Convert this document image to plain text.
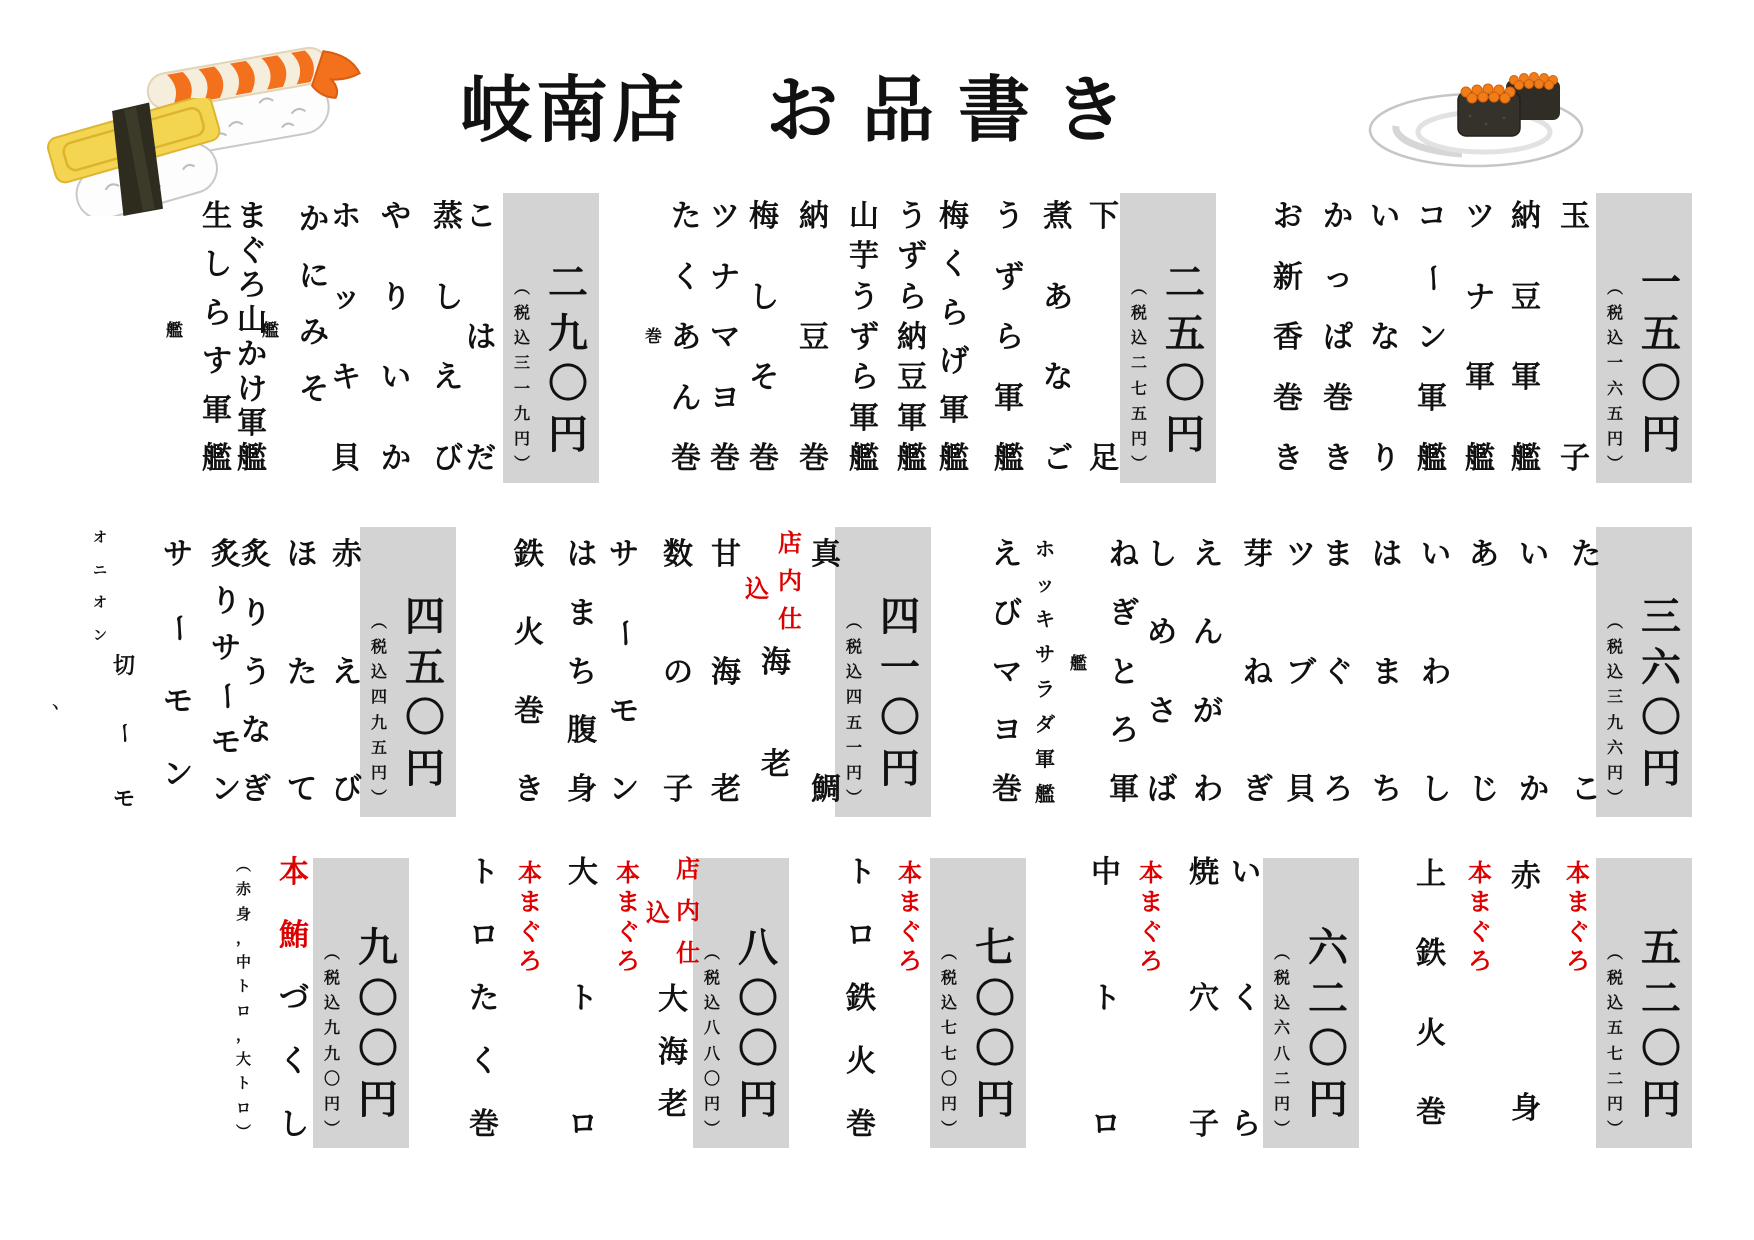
岐南店 お品書き
︵
税
込
一
六
五
円
︶
一
五
〇
円
玉
子
納
豆
軍
艦
ツ
ナ
軍
艦
コ
ー
ン
軍
艦
い
な
り
か
っ
ぱ
巻
き
お
新
香
巻
き
︵
税
込
二
七
五
円
︶
二
五
〇
円
下
足
煮
あ
な
ご
う
ず
ら
軍
艦
梅
く
ら
げ
軍
艦
う
ず
ら
納
豆
軍
艦
山
芋
う
ず
ら
軍
艦
納
豆
巻
梅
し
そ
巻
ツ
ナ
マ
ヨ
巻
た
く
あ
ん
巻
︵
税
込
三
一
九
円
︶
二
九
〇
円
こ
は
だ
蒸
し
え
び
や
り
い
か
ホ
ッ
キ
貝
か
に
み
そ
ま
ぐ
ろ
山
か
け
軍
艦
生
し
ら
す
軍
艦
︵
税
込
三
九
六
円
︶
三
六
〇
円
た
こ
い
か
あ
じ
い
わ
し
は
ま
ち
ま
ぐ
ろ
ツ
ブ
貝
芽
ね
ぎ
え
ん
が
わ
し
め
さ
ば
ね
ぎ
と
ろ
軍
ホ
ッ
キ
サ
ラ
ダ
軍
艦
え
び
マ
ヨ
巻
︵
税
込
四
五
一
円
︶
四
一
〇
円
真
鯛
店
内
仕
込
海
老
甘
海
老
数
の
子
サ
ー
モ
ン
は
ま
ち
腹
身
鉄
火
巻
き
︵
税
込
四
九
五
円
︶
四
五
〇
円
赤
え
び
ほ
た
て
炙
り
う
な
ぎ
炙
り
サ
ー
モ
ン
サ
ー
モ
ン
切
ー
モ
オ
ニ
オ
ン
︵
税
込
五
七
二
円
︶
五
二
〇
円
本
ま
ぐ
ろ
赤
身
本
ま
ぐ
ろ
上
鉄
火
巻
︵
税
込
六
八
二
円
︶
六
二
〇
円
い
く
ら
焼
穴
子
本
ま
ぐ
ろ
中
ト
ロ
︵
税
込
七
七
〇
円
︶
七
〇
〇
円
本
ま
ぐ
ろ
ト
ロ
鉄
火
巻
︵
税
込
八
八
〇
円
︶
八
〇
〇
円
店
内
仕
込
大
海
老
本
ま
ぐ
ろ
大
ト
ロ
本
ま
ぐ
ろ
ト
ロ
た
く
巻
︵
税
込
九
九
〇
円
︶
九
〇
〇
円
本
鮪
づ
く
し
︵
赤
身
，
中
ト
ロ
，
大
ト
ロ
︶
艦	艦	巻
艦
ヽ
